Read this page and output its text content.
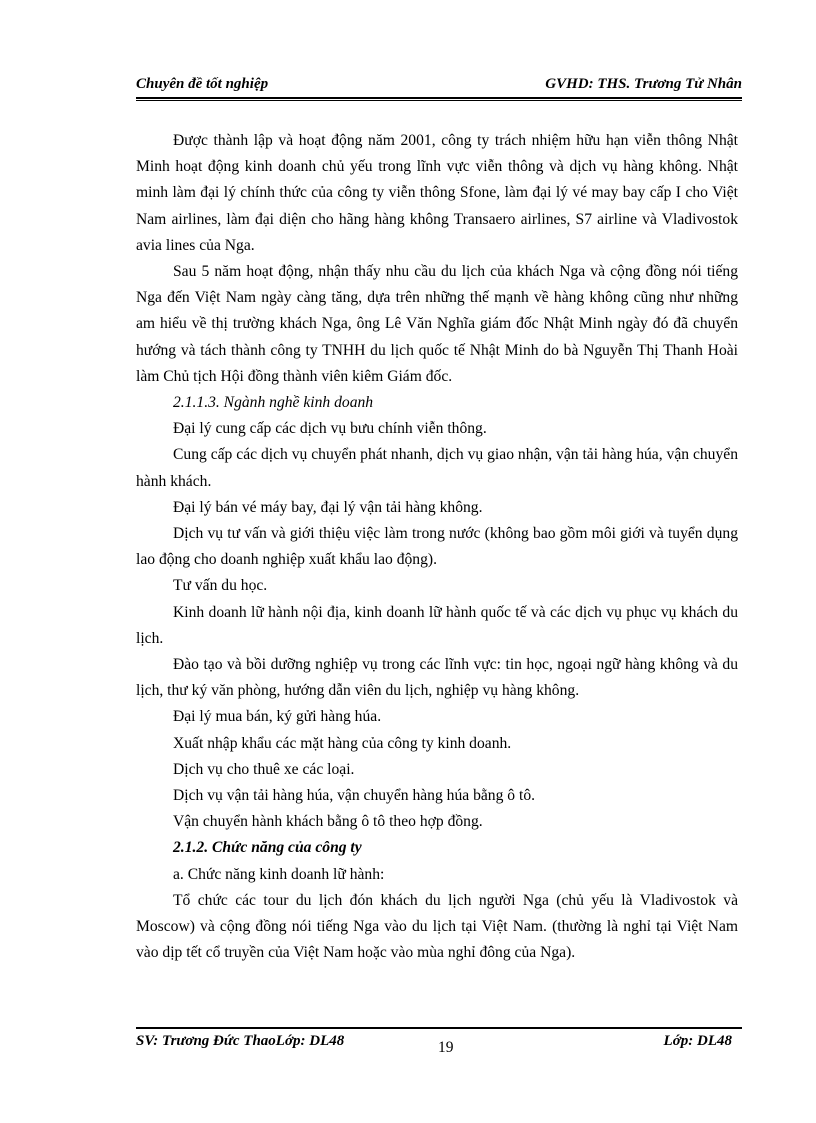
Chuyên đề tốt nghiệp	GVHD: THS. Trương Tử Nhân

Được thành lập và hoạt động năm 2001, công ty trách nhiệm hữu hạn viễn thông Nhật Minh hoạt động kinh doanh chủ yếu trong lĩnh vực viễn thông và dịch vụ hàng không. Nhật minh làm đại lý chính thức của công ty viễn thông Sfone, làm đại lý vé may bay cấp I cho Việt Nam airlines, làm đại diện cho hãng hàng không Transaero airlines, S7 airline và Vladivostok avia lines của Nga.

Sau 5 năm hoạt động, nhận thấy nhu cầu du lịch của khách Nga và cộng đồng nói tiếng Nga đến Việt Nam ngày càng tăng, dựa trên những thế mạnh về hàng không cũng như những am hiểu về thị trường khách Nga, ông Lê Văn Nghĩa giám đốc Nhật Minh ngày đó đã chuyển hướng và tách thành công ty TNHH du lịch quốc tế Nhật Minh do bà Nguyễn Thị Thanh Hoài làm Chủ tịch Hội đồng thành viên kiêm Giám đốc.

2.1.1.3. Ngành nghề kinh doanh

Đại lý cung cấp các dịch vụ bưu chính viễn thông.

Cung cấp các dịch vụ chuyển phát nhanh, dịch vụ giao nhận, vận tải hàng húa, vận chuyển hành khách.

Đại lý bán vé máy bay, đại lý vận tải hàng không.

Dịch vụ tư vấn và giới thiệu việc làm trong nước (không bao gồm môi giới và tuyển dụng lao động cho doanh nghiệp xuất khẩu lao động).

Tư vấn du học.

Kinh doanh lữ hành nội địa, kinh doanh lữ hành quốc tế và các dịch vụ phục vụ khách du lịch.

Đào tạo và bồi dưỡng nghiệp vụ trong các lĩnh vực: tin học, ngoại ngữ hàng không và du lịch, thư ký văn phòng, hướng dẫn viên du lịch, nghiệp vụ hàng không.

Đại lý mua bán, ký gửi hàng húa.

Xuất nhập khẩu các mặt hàng của công ty kinh doanh.

Dịch vụ cho thuê xe các loại.

Dịch vụ vận tải hàng húa, vận chuyển hàng húa bằng ô tô.

Vận chuyển hành khách bằng ô tô theo hợp đồng.

2.1.2. Chức năng của công ty

a. Chức năng kinh doanh lữ hành:

Tổ chức các tour du lịch đón khách du lịch người Nga (chủ yếu là Vladivostok và Moscow) và cộng đồng nói tiếng Nga vào du lịch tại Việt Nam. (thường là nghỉ tại Việt Nam vào dịp tết cổ truyền của Việt Nam hoặc vào mùa nghỉ đông của Nga).

SV: Trương Đức ThaoLớp: DL48	19	Lớp: DL48
